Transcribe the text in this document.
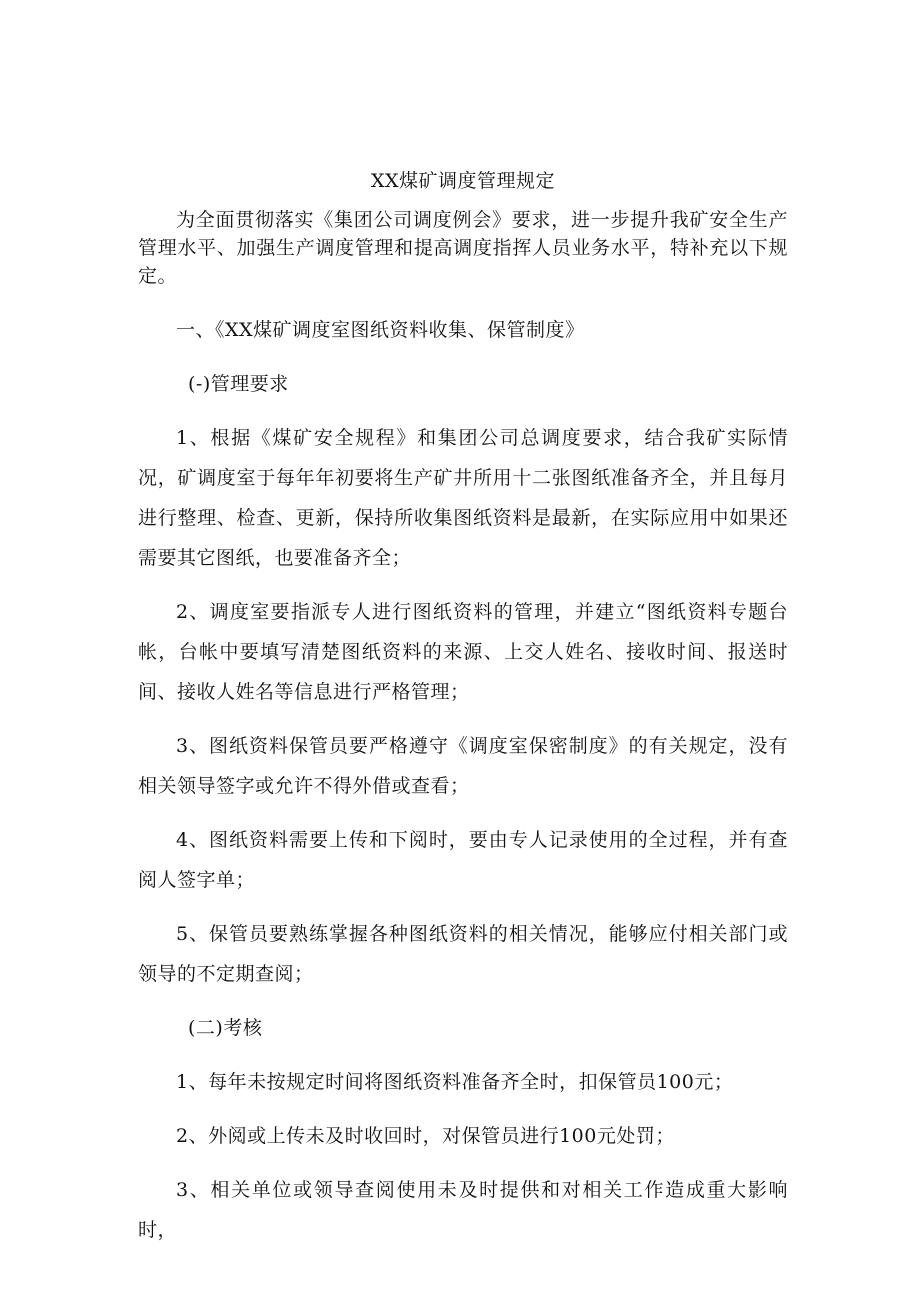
XX煤矿调度管理规定

为全面贯彻落实《集团公司调度例会》要求，进一步提升我矿安全生产管理水平、加强生产调度管理和提高调度指挥人员业务水平，特补充以下规定。

一、《XX煤矿调度室图纸资料收集、保管制度》

(-)管理要求

1、根据《煤矿安全规程》和集团公司总调度要求，结合我矿实际情况，矿调度室于每年年初要将生产矿井所用十二张图纸准备齐全，并且每月进行整理、检查、更新，保持所收集图纸资料是最新，在实际应用中如果还需要其它图纸，也要准备齐全；

2、调度室要指派专人进行图纸资料的管理，并建立“图纸资料专题台帐，台帐中要填写清楚图纸资料的来源、上交人姓名、接收时间、报送时间、接收人姓名等信息进行严格管理；

3、图纸资料保管员要严格遵守《调度室保密制度》的有关规定，没有相关领导签字或允许不得外借或查看；

4、图纸资料需要上传和下阅时，要由专人记录使用的全过程，并有查阅人签字单；

5、保管员要熟练掌握各种图纸资料的相关情况，能够应付相关部门或领导的不定期查阅；

(二)考核

1、每年未按规定时间将图纸资料准备齐全时，扣保管员100元；

2、外阅或上传未及时收回时，对保管员进行100元处罚；

3、相关单位或领导查阅使用未及时提供和对相关工作造成重大影响时，
